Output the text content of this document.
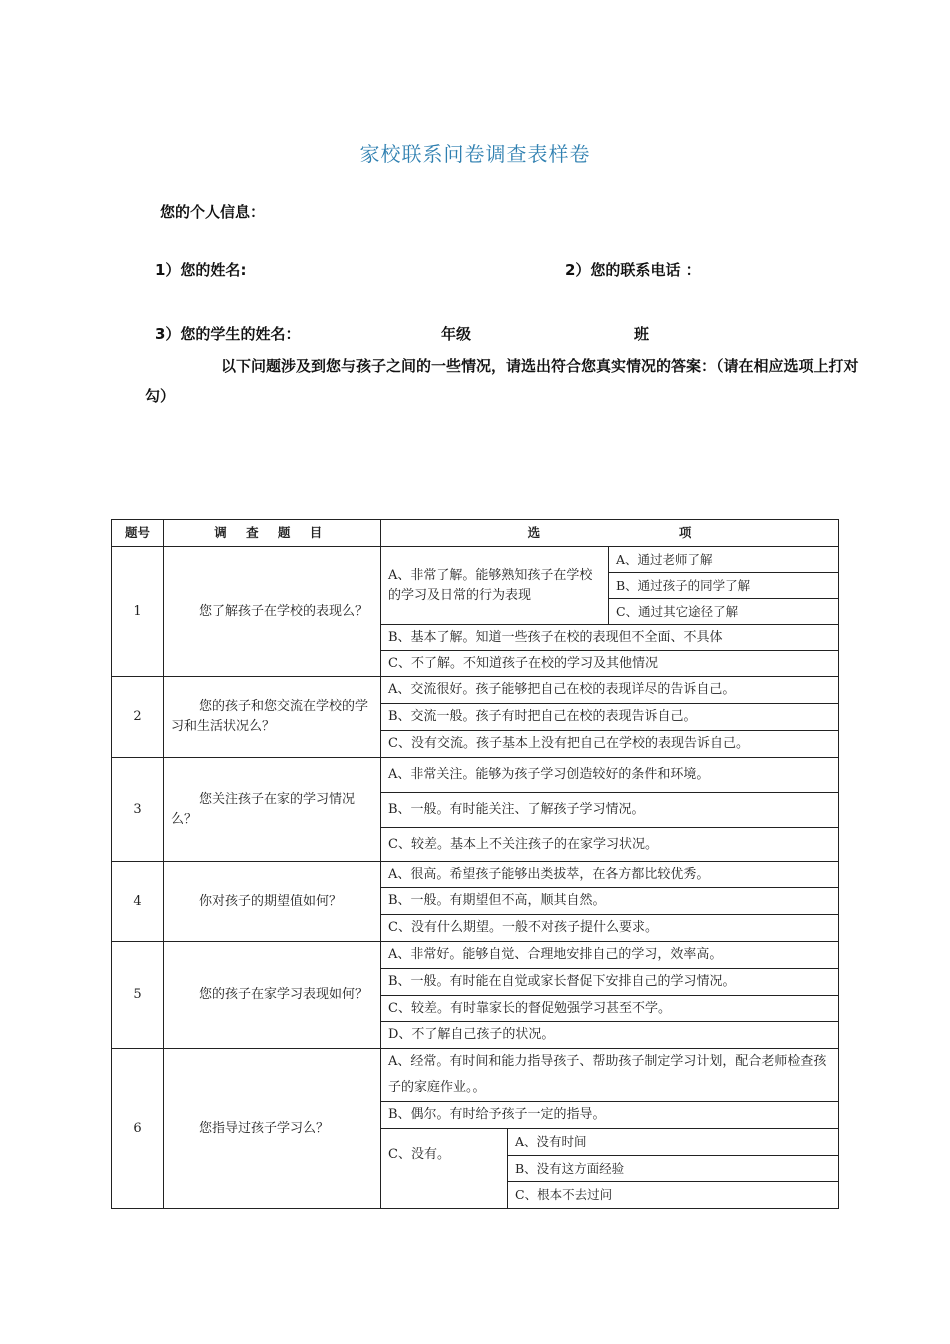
家校联系问卷调查表样卷
您的个人信息：
1）您的姓名:	2）您的联系电话 ：
3）您的学生的姓名：	年级	班
以下问题涉及到您与孩子之间的一些情况，请选出符合您真实情况的答案：（请在相应选项上打对勾）
题号	调 查 题 目	选 项		
1	您了解孩子在学校的表现么？	A、非常了解。能够熟知孩子在学校的学习及日常的行为表现		A、通过老师了解
				B、通过孩子的同学了解
				C、通过其它途径了解
		B、基本了解。知道一些孩子在校的表现但不全面、不具体		
		C、不了解。不知道孩子在校的学习及其他情况		
2	您的孩子和您交流在学校的学习和生活状况么？	A、交流很好。孩子能够把自己在校的表现详尽的告诉自己。		
		B、交流一般。孩子有时把自己在校的表现告诉自己。		
		C、没有交流。孩子基本上没有把自己在学校的表现告诉自己。		
3	您关注孩子在家的学习情况么？	A、非常关注。能够为孩子学习创造较好的条件和环境。		
		B、一般。有时能关注、了解孩子学习情况。		
		C、较差。基本上不关注孩子的在家学习状况。		
4	你对孩子的期望值如何？	A、很高。希望孩子能够出类拔萃，在各方都比较优秀。		
		B、一般。有期望但不高，顺其自然。		
		C、没有什么期望。一般不对孩子提什么要求。		
5	您的孩子在家学习表现如何？	A、非常好。能够自觉、合理地安排自己的学习，效率高。		
		B、一般。有时能在自觉或家长督促下安排自己的学习情况。		
		C、较差。有时靠家长的督促勉强学习甚至不学。		
		D、不了解自己孩子的状况。		
6	您指导过孩子学习么？	A、经常。有时间和能力指导孩子、帮助孩子制定学习计划，配合老师检查孩子的家庭作业。。		
		B、偶尔。有时给予孩子一定的指导。		
		C、没有。	A、没有时间	
			B、没有这方面经验	
			C、根本不去过问	
